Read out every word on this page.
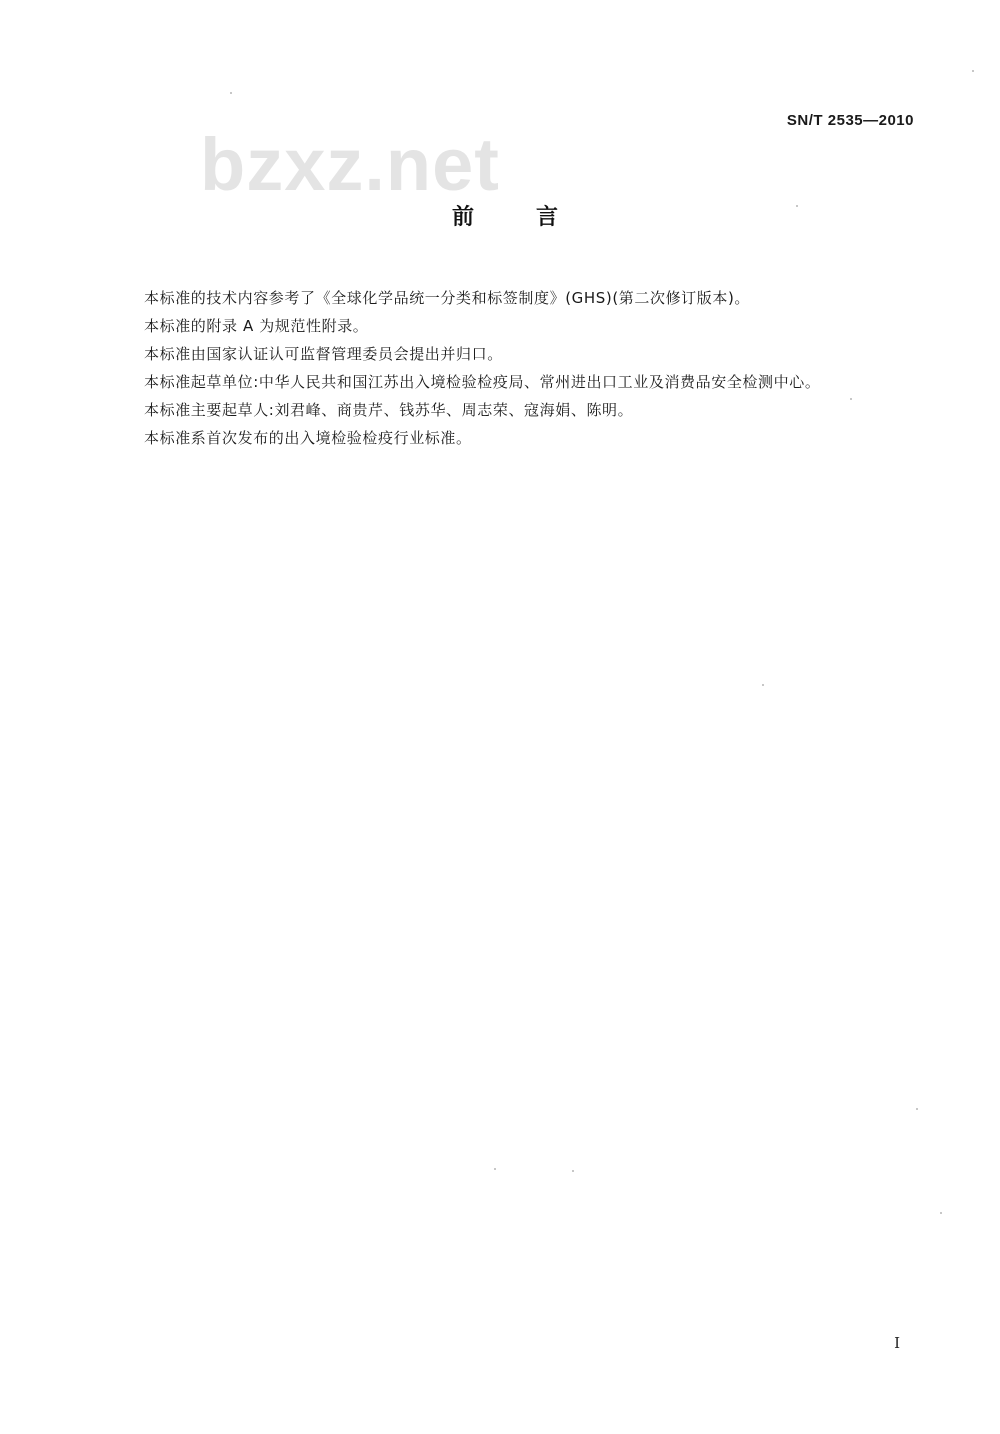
bzxz.net
SN/T 2535—2010
前言

本标准的技术内容参考了《全球化学品统一分类和标签制度》(GHS)(第二次修订版本)。

本标准的附录 A 为规范性附录。

本标准由国家认证认可监督管理委员会提出并归口。

本标准起草单位:中华人民共和国江苏出入境检验检疫局、常州进出口工业及消费品安全检测中心。

本标准主要起草人:刘君峰、商贵芹、钱苏华、周志荣、寇海娟、陈明。

本标准系首次发布的出入境检验检疫行业标准。

I
